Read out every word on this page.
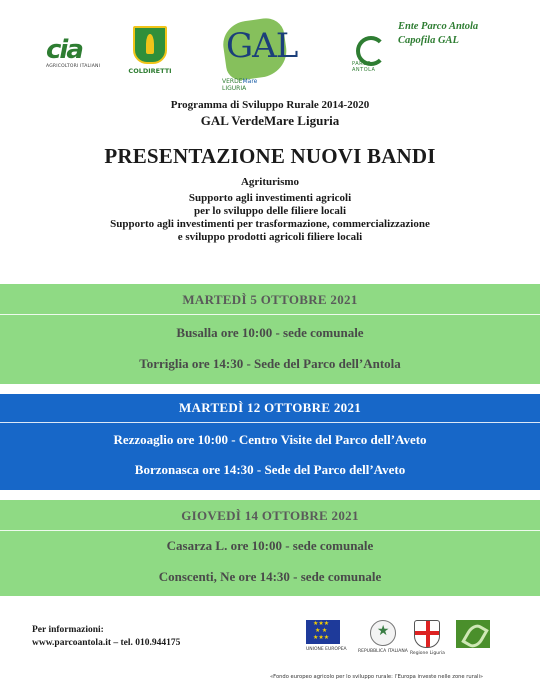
cia
AGRICOLTORI ITALIANI
COLDIRETTI
GAL
VERDEMare
LIGURIA
PARCO
ANTOLA
Ente Parco Antola
Capofila GAL
Programma di Sviluppo Rurale 2014-2020
GAL VerdeMare Liguria
PRESENTAZIONE NUOVI BANDI
Agriturismo
Supporto agli investimenti agricoli
per lo sviluppo delle filiere locali
Supporto agli investimenti per trasformazione, commercializzazione
e sviluppo prodotti agricoli filiere locali
MARTEDÌ 5 OTTOBRE 2021
Busalla ore 10:00 - sede comunale
Torriglia ore 14:30 - Sede del Parco dell’Antola
MARTEDÌ 12 OTTOBRE 2021
Rezzoaglio ore 10:00 - Centro Visite del Parco dell’Aveto
Borzonasca ore 14:30 - Sede del Parco dell’Aveto
GIOVEDÌ 14 OTTOBRE 2021
Casarza L. ore 10:00 - sede comunale
Conscenti, Ne ore 14:30 - sede comunale
Per informazioni:
www.parcoantola.it – tel. 010.944175
★★★ ★ ★ ★★★
UNIONE EUROPEA
★	REPUBBLICA ITALIANA Regione Liguria
«Fondo europeo agricolo per lo sviluppo rurale: l’Europa investe nelle zone rurali»
